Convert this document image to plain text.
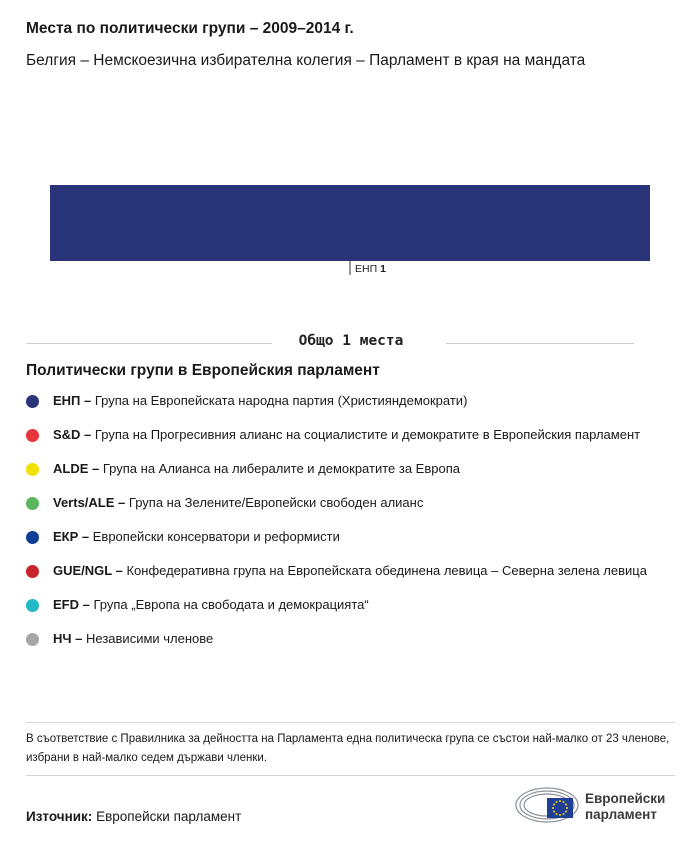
Места по политически групи – 2009–2014 г.
Белгия – Немскоезична избирателна колегия – Парламент в края на мандата
ЕНП 1
Общо 1 места
Политически групи в Европейския парламент
ЕНП – Група на Европейската народна партия (Християндемократи)
S&D – Група на Прогресивния алианс на социалистите и демократите в Европейския парламент
ALDE – Група на Алианса на либералите и демократите за Европа
Verts/ALE – Група на Зелените/Европейски свободен алианс
ЕКР – Европейски консерватори и реформисти
GUE/NGL – Конфедеративна група на Европейската обединена левица – Северна зелена левица
EFD – Група „Европа на свободата и демокрацията“
НЧ – Независими членове
В съответствие с Правилника за дейността на Парламента една политическа група се състои най-малко от 23 членове, избрани в най-малко седем държави членки.
Източник: Европейски парламент
Европейски
парламент
